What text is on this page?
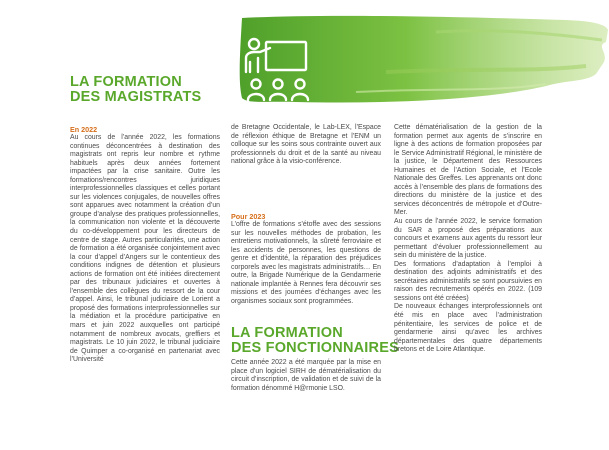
LA FORMATION
DES MAGISTRATS
En 2022

Au cours de l’année 2022, les formations continues déconcentrées à destination des magistrats ont repris leur nombre et rythme habituels après deux années fortement impactées par la crise sanitaire. Outre les formations/rencontres juridiques interprofessionnelles classiques et celles portant sur les violences conjugales, de nouvelles offres sont apparues avec notamment la création d’un groupe d’analyse des pratiques professionnelles, la communication non violente et la découverte du co-développement pour les directeurs de centre de stage. Autres particularités, une action de formation a été organisée conjointement avec la cour d’appel d’Angers sur le contentieux des conditions indignes de détention et plusieurs actions de formation ont été initiées directement par des tribunaux judiciaires et ouvertes à l’ensemble des collègues du ressort de la cour d’appel. Ainsi, le tribunal judiciaire de Lorient a proposé des formations interprofessionnelles sur la médiation et la procédure participative en mars et juin 2022 auxquelles ont participé notamment de nombreux avocats, greffiers et magistrats. Le 10 juin 2022, le tribunal judiciaire de Quimper a co-organisé en partenariat avec l’Université

de Bretagne Occidentale, le Lab-LEX, l’Espace de réflexion éthique de Bretagne et l’ENM un colloque sur les soins sous contrainte ouvert aux professionnels du droit et de la santé au niveau national grâce à la visio-conférence.

Pour 2023

L’offre de formations s’étoffe avec des sessions sur les nouvelles méthodes de probation, les entretiens motivationnels, la sûreté ferroviaire et les accidents de personnes, les questions de genre et d’identité, la réparation des préjudices corporels avec les magistrats administratifs… En outre, la Brigade Numérique de la Gendarmerie nationale implantée à Rennes fera découvrir ses missions et des journées d’échanges avec les organismes sociaux sont programmées.

LA FORMATION
DES FONCTIONNAIRES

Cette année 2022 a été marquée par la mise en place d’un logiciel SIRH de dématérialisation du circuit d’inscription, de validation et de suivi de la formation dénommé H@rmonie LSO.

Cette dématérialisation de la gestion de la formation permet aux agents de s’inscrire en ligne à des actions de formation proposées par le Service Administratif Régional, le ministère de la justice, le Département des Ressources Humaines et de l’Action Sociale, et l’Ecole Nationale des Greffes. Les apprenants ont donc accès à l’ensemble des plans de formations des directions du ministère de la justice et des services déconcentrés de métropole et d’Outre-Mer.

Au cours de l’année 2022, le service formation du SAR a proposé des préparations aux concours et examens aux agents du ressort leur permettant d’évoluer professionnellement au sein du ministère de la justice.

Des formations d’adaptation à l’emploi à destination des adjoints administratifs et des secrétaires administratifs se sont poursuivies en raison des recrutements opérés en 2022. (109 sessions ont été créées)

De nouveaux échanges interprofessionnels ont été mis en place avec l’administration pénitentiaire, les services de police et de gendarmerie ainsi qu’avec les archives départementales des quatre départements bretons et de Loire Atlantique.
